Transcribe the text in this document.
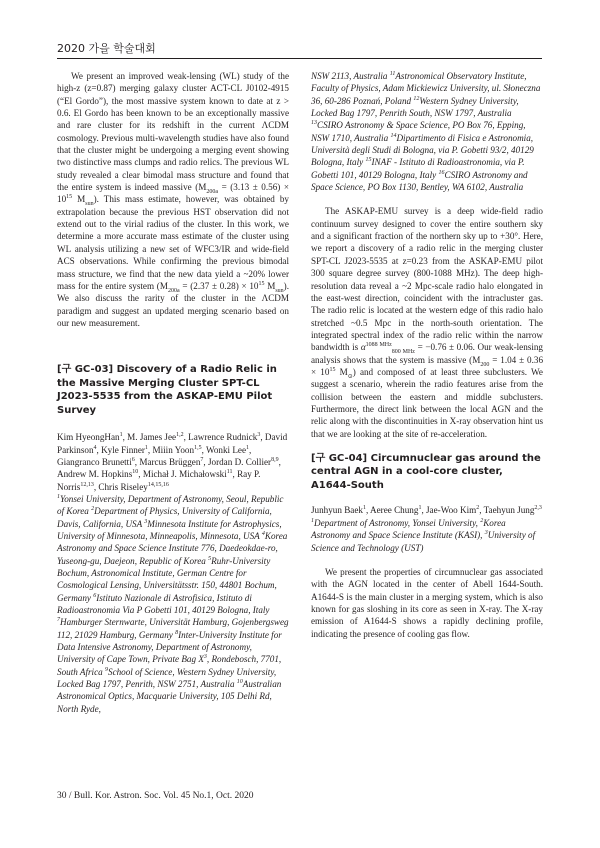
2020 가을 학술대회

We present an improved weak-lensing (WL) study of the high-z (z=0.87) merging galaxy cluster ACT-CL J0102-4915 (“El Gordo”), the most massive system known to date at z > 0.6. El Gordo has been known to be an exceptionally massive and rare cluster for its redshift in the current ΛCDM cosmology. Previous multi-wavelength studies have also found that the cluster might be undergoing a merging event showing two distinctive mass clumps and radio relics. The previous WL study revealed a clear bimodal mass structure and found that the entire system is indeed massive ($M_{200a} = (3.13 \pm 0.56) \times 10^{15}$ $M_{sun}$). This mass estimate, however, was obtained by extrapolation because the previous HST observation did not extend out to the virial radius of the cluster. In this work, we determine a more accurate mass estimate of the cluster using WL analysis utilizing a new set of WFC3/IR and wide-field ACS observations. While confirming the previous bimodal mass structure, we find that the new data yield a ~20% lower mass for the entire system ($M_{200a} = (2.37 \pm 0.28) \times 10^{15}$ $M_{sun}$). We also discuss the rarity of the cluster in the ΛCDM paradigm and suggest an updated merging scenario based on our new measurement.

[구 GC-03] Discovery of a Radio Relic in the Massive Merging Cluster SPT-CL J2023-5535 from the ASKAP-EMU Pilot Survey

Kim HyeongHan$^1$, M. James Jee$^{1,2}$, Lawrence Rudnick$^3$, David Parkinson$^4$, Kyle Finner$^1$, Miiin Yoon$^{1,5}$, Wonki Lee$^1$, Giangranco Brunetti$^6$, Marcus Brüggen$^7$, Jordan D. Collier$^{8,9}$, Andrew M. Hopkins$^{10}$, Michał J. Michałowski$^{11}$, Ray P. Norris$^{12,13}$, Chris Riseley$^{14,15,16}$

$^1$Yonsei University, Department of Astronomy, Seoul, Republic of Korea $^2$Department of Physics, University of California, Davis, California, USA $^3$Minnesota Institute for Astrophysics, University of Minnesota, Minneapolis, Minnesota, USA $^4$Korea Astronomy and Space Science Institute 776, Daedeokdae-ro, Yuseong-gu, Daejeon, Republic of Korea $^5$Ruhr-University Bochum, Astronomical Institute, German Centre for Cosmological Lensing, Universitätsstr. 150, 44801 Bochum, Germany $^6$Istituto Nazionale di Astrofisica, Istituto di Radioastronomia Via P Gobetti 101, 40129 Bologna, Italy $^7$Hamburger Sternwarte, Universität Hamburg, Gojenbergsweg 112, 21029 Hamburg, Germany $^8$Inter-University Institute for Data Intensive Astronomy, Department of Astronomy, University of Cape Town, Private Bag $X^3$, Rondebosch, 7701, South Africa $^9$School of Science, Western Sydney University, Locked Bag 1797, Penrith, NSW 2751, Australia $^{10}$Australian Astronomical Optics, Macquarie University, 105 Delhi Rd, North Ryde,

NSW 2113, Australia $^{11}$Astronomical Observatory Institute, Faculty of Physics, Adam Mickiewicz University, ul. Słoneczna 36, 60-286 Poznań, Poland $^{12}$Western Sydney University, Locked Bag 1797, Penrith South, NSW 1797, Australia $^{13}$CSIRO Astronomy & Space Science, PO Box 76, Epping, NSW 1710, Australia $^{14}$Dipartimento di Fisica e Astronomia, Università degli Studi di Bologna, via P. Gobetti 93/2, 40129 Bologna, Italy $^{15}$INAF - Istituto di Radioastronomia, via P. Gobetti 101, 40129 Bologna, Italy $^{16}$CSIRO Astronomy and Space Science, PO Box 1130, Bentley, WA 6102, Australia

The ASKAP-EMU survey is a deep wide-field radio continuum survey designed to cover the entire southern sky and a significant fraction of the northern sky up to +30°. Here, we report a discovery of a radio relic in the merging cluster SPT-CL J2023-5535 at z=0.23 from the ASKAP-EMU pilot 300 square degree survey (800-1088 MHz). The deep high-resolution data reveal a ~2 Mpc-scale radio halo elongated in the east-west direction, coincident with the intracluster gas. The radio relic is located at the western edge of this radio halo stretched ~0.5 Mpc in the north-south orientation. The integrated spectral index of the radio relic within the narrow bandwidth is $\alpha^{1088 MHz}_{800 MHz} = -0.76 \pm 0.06$. Our weak-lensing analysis shows that the system is massive ($M_{200} = 1.04 \pm 0.36 \times 10^{15}$ $M_⊙$) and composed of at least three subclusters. We suggest a scenario, wherein the radio features arise from the collision between the eastern and middle subclusters. Furthermore, the direct link between the local AGN and the relic along with the discontinuities in X-ray observation hint us that we are looking at the site of re-acceleration.

[구 GC-04] Circumnuclear gas around the central AGN in a cool-core cluster, A1644-South

Junhyun Baek$^1$, Aeree Chung$^1$, Jae-Woo Kim$^2$, Taehyun Jung$^{2,3}$

$^1$Department of Astronomy, Yonsei University, $^2$Korea Astronomy and Space Science Institute (KASI), $^3$University of Science and Technology (UST)

We present the properties of circumnuclear gas associated with the AGN located in the center of Abell 1644-South. A1644-S is the main cluster in a merging system, which is also known for gas sloshing in its core as seen in X-ray. The X-ray emission of A1644-S shows a rapidly declining profile, indicating the presence of cooling gas flow.

30 / Bull. Kor. Astron. Soc. Vol. 45 No.1, Oct. 2020
